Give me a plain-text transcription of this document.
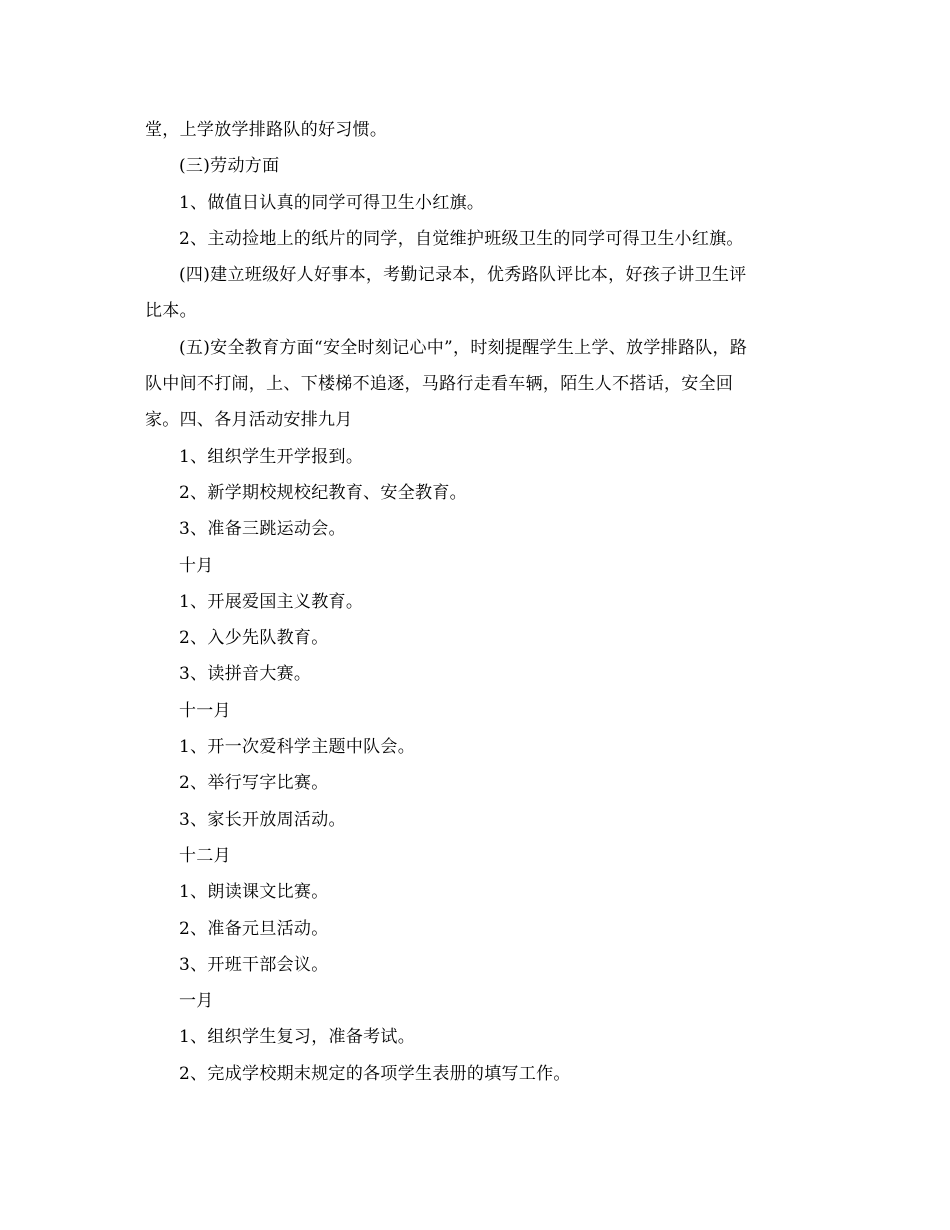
堂，上学放学排路队的好习惯。
(三)劳动方面
1、做值日认真的同学可得卫生小红旗。
2、主动捡地上的纸片的同学，自觉维护班级卫生的同学可得卫生小红旗。
(四)建立班级好人好事本，考勤记录本，优秀路队评比本，好孩子讲卫生评
比本。
(五)安全教育方面“安全时刻记心中”，时刻提醒学生上学、放学排路队，路
队中间不打闹，上、下楼梯不追逐，马路行走看车辆，陌生人不搭话，安全回
家。四、各月活动安排九月
1、组织学生开学报到。
2、新学期校规校纪教育、安全教育。
3、准备三跳运动会。
十月
1、开展爱国主义教育。
2、入少先队教育。
3、读拼音大赛。
十一月
1、开一次爱科学主题中队会。
2、举行写字比赛。
3、家长开放周活动。
十二月
1、朗读课文比赛。
2、准备元旦活动。
3、开班干部会议。
一月
1、组织学生复习，准备考试。
2、完成学校期末规定的各项学生表册的填写工作。
